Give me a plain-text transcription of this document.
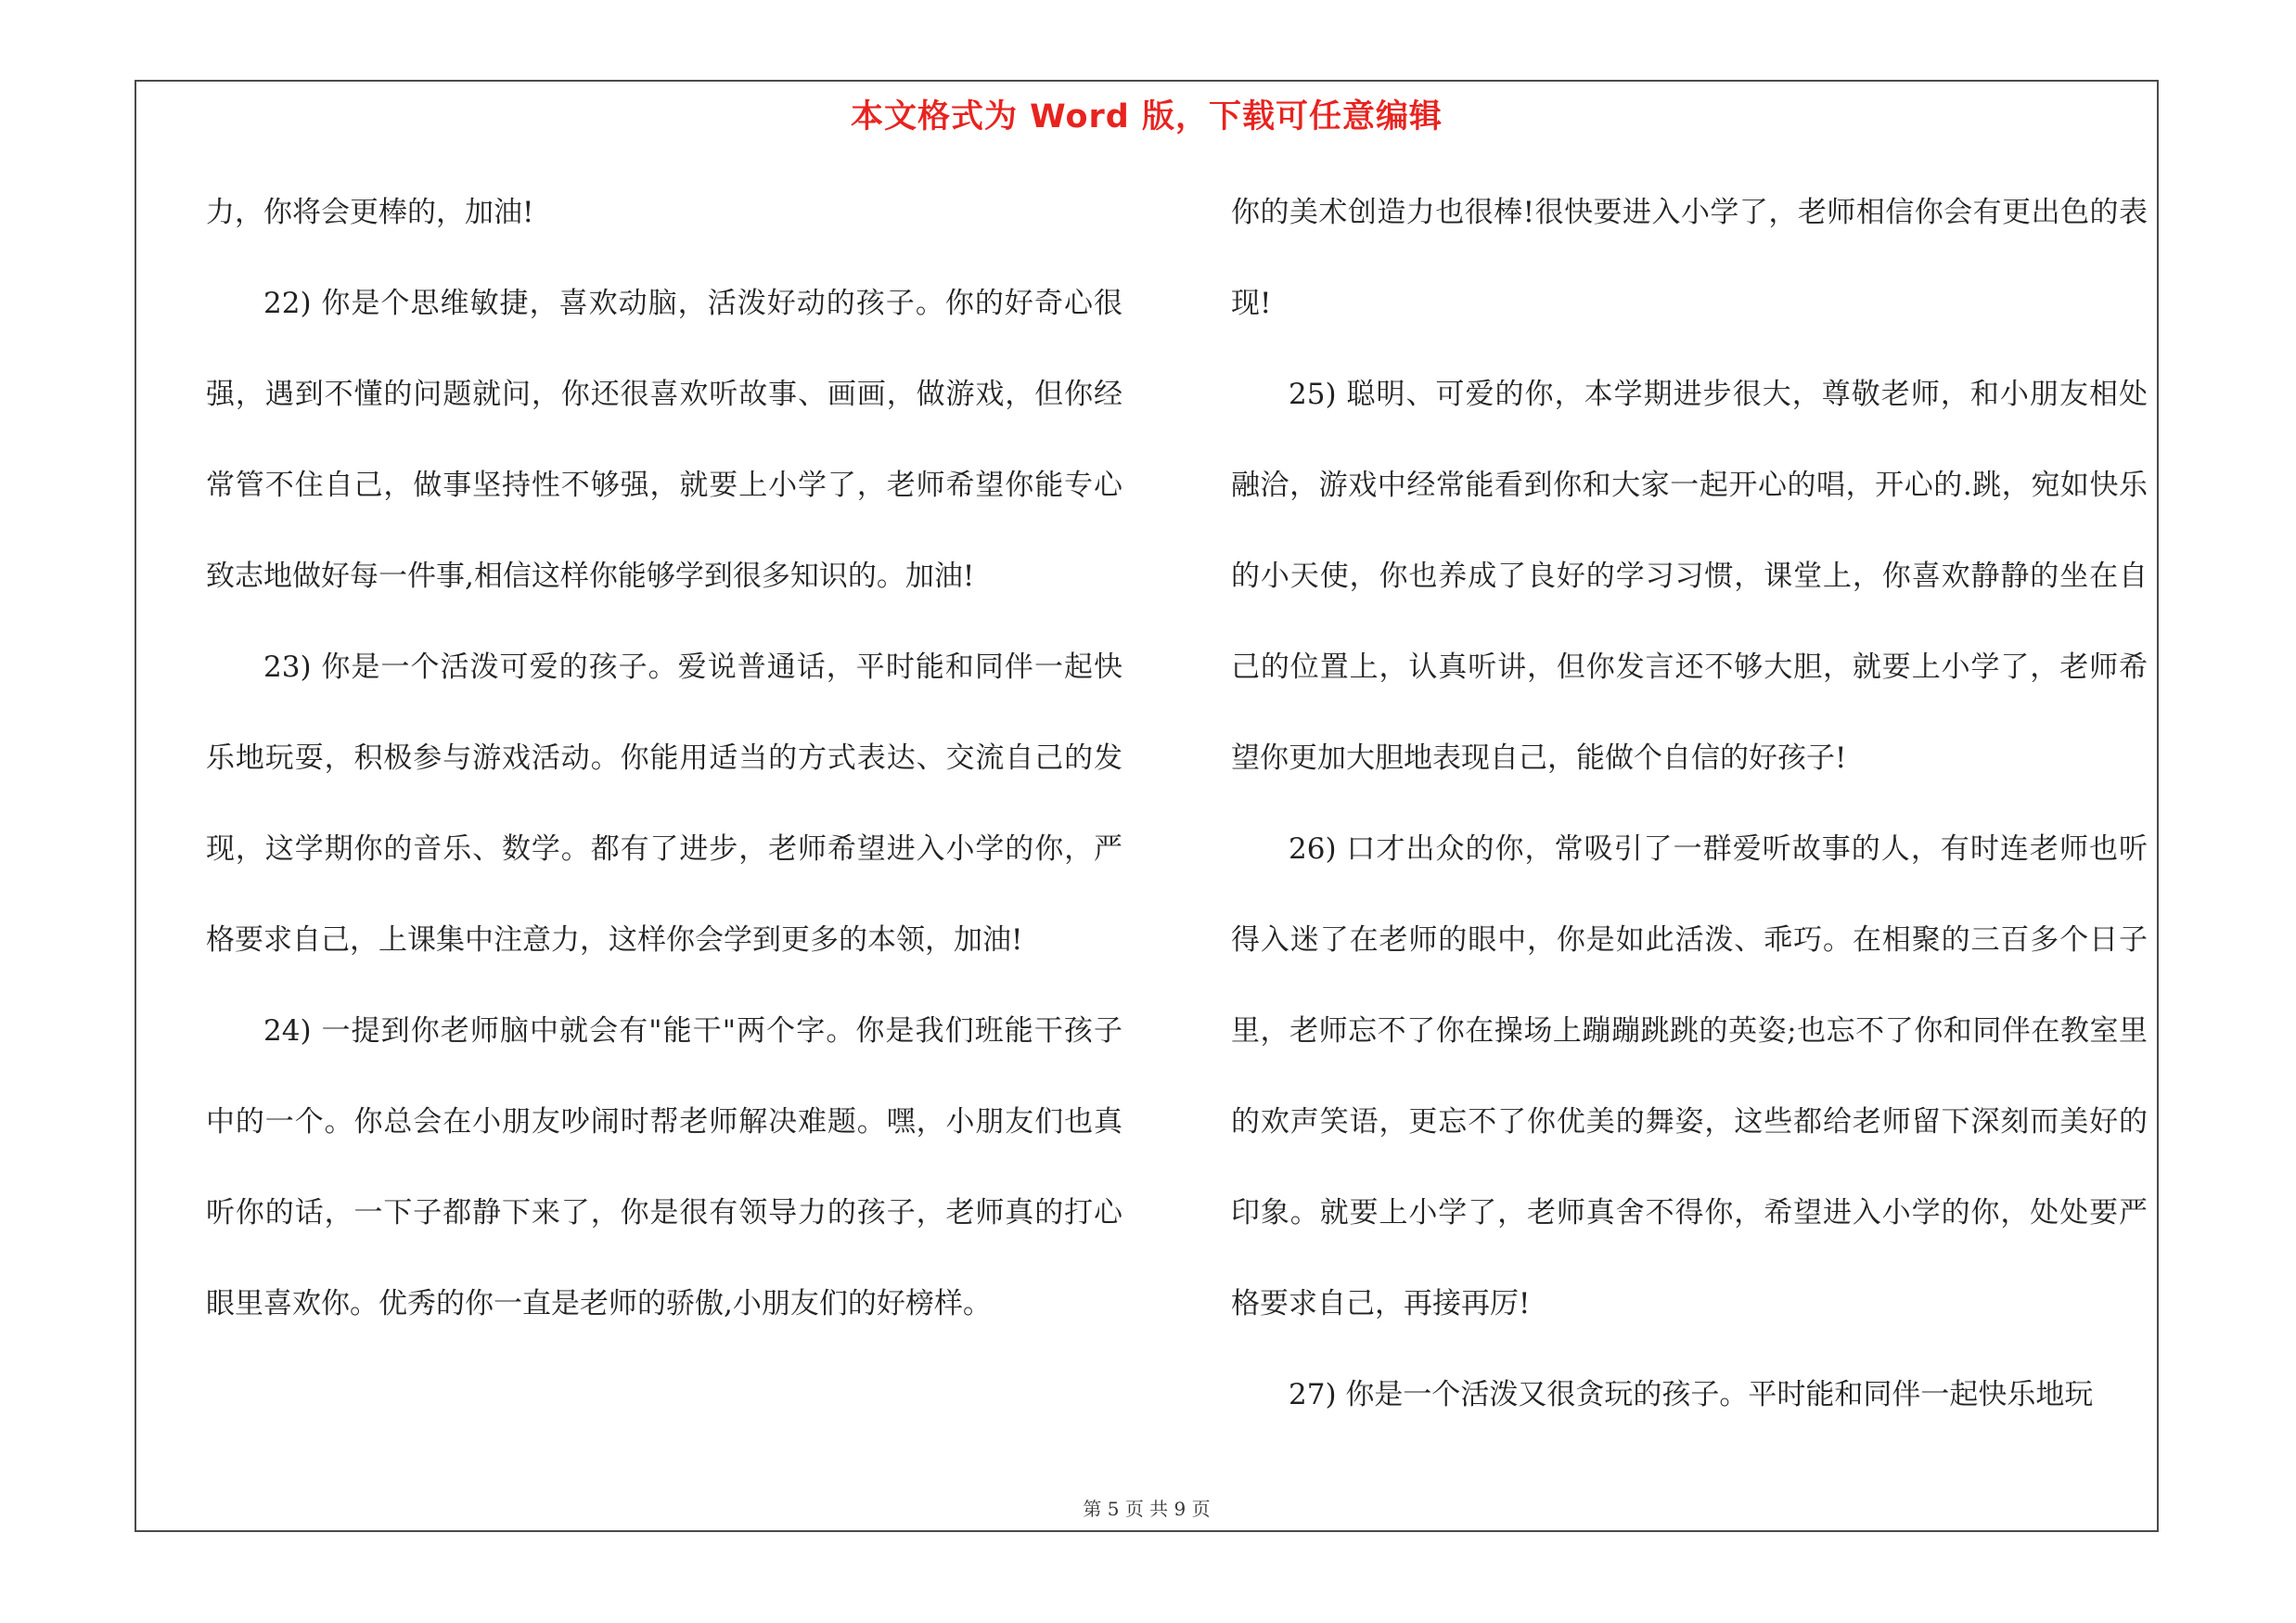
本文格式为 Word 版，下载可任意编辑

力，你将会更棒的，加油!

22) 你是个思维敏捷，喜欢动脑，活泼好动的孩子。你的好奇心很强，遇到不懂的问题就问，你还很喜欢听故事、画画，做游戏，但你经常管不住自己，做事坚持性不够强，就要上小学了，老师希望你能专心致志地做好每一件事,相信这样你能够学到很多知识的。加油!

23) 你是一个活泼可爱的孩子。爱说普通话，平时能和同伴一起快乐地玩耍，积极参与游戏活动。你能用适当的方式表达、交流自己的发现，这学期你的音乐、数学。都有了进步，老师希望进入小学的你，严格要求自己，上课集中注意力，这样你会学到更多的本领，加油!

24) 一提到你老师脑中就会有"能干"两个字。你是我们班能干孩子中的一个。你总会在小朋友吵闹时帮老师解决难题。嘿，小朋友们也真听你的话，一下子都静下来了，你是很有领导力的孩子，老师真的打心眼里喜欢你。优秀的你一直是老师的骄傲,小朋友们的好榜样。

你的美术创造力也很棒!很快要进入小学了，老师相信你会有更出色的表现!

25) 聪明、可爱的你，本学期进步很大，尊敬老师，和小朋友相处融洽，游戏中经常能看到你和大家一起开心的唱，开心的.跳，宛如快乐的小天使，你也养成了良好的学习习惯，课堂上，你喜欢静静的坐在自己的位置上，认真听讲，但你发言还不够大胆，就要上小学了，老师希望你更加大胆地表现自己，能做个自信的好孩子!

26) 口才出众的你，常吸引了一群爱听故事的人，有时连老师也听得入迷了在老师的眼中，你是如此活泼、乖巧。在相聚的三百多个日子里，老师忘不了你在操场上蹦蹦跳跳的英姿;也忘不了你和同伴在教室里的欢声笑语，更忘不了你优美的舞姿，这些都给老师留下深刻而美好的印象。就要上小学了，老师真舍不得你，希望进入小学的你，处处要严格要求自己，再接再厉!

27) 你是一个活泼又很贪玩的孩子。平时能和同伴一起快乐地玩

第 5 页 共 9 页
